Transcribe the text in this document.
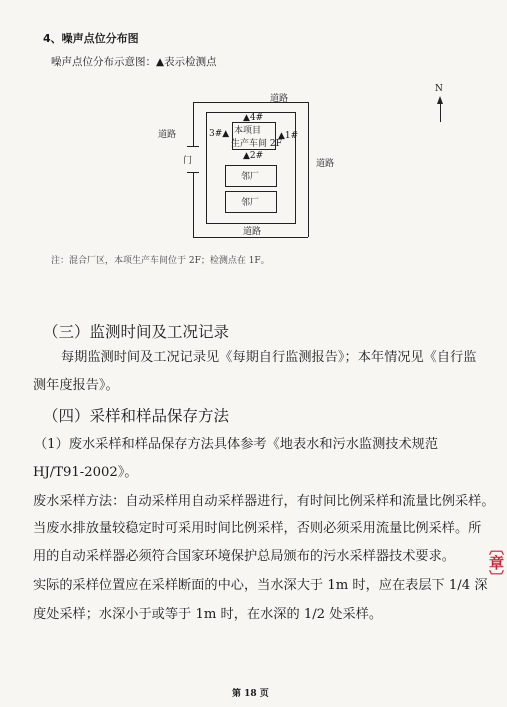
4、噪声点位分布图
噪声点位分布示意图：▲表示检测点
本项目
生产车间 2F
邻厂
邻厂
道路
道路
道路
道路
门
▲4#
3#▲	▲1#
▲2#
N
注：混合厂区，本项生产车间位于 2F；检测点在 1F。
（三）监测时间及工况记录
每期监测时间及工况记录见《每期自行监测报告》；本年情况见《自行监
测年度报告》。
（四）采样和样品保存方法
（1）废水采样和样品保存方法具体参考《地表水和污水监测技术规范
HJ/T91-2002》。
废水采样方法：自动采样用自动采样器进行，有时间比例采样和流量比例采样。
当废水排放量较稳定时可采用时间比例采样，否则必须采用流量比例采样。所
用的自动采样器必须符合国家环境保护总局颁布的污水采样器技术要求。
实际的采样位置应在采样断面的中心，当水深大于 1m 时，应在表层下 1/4 深
度处采样；水深小于或等于 1m 时，在水深的 1/2 处采样。
第 18 页
〔章〕
